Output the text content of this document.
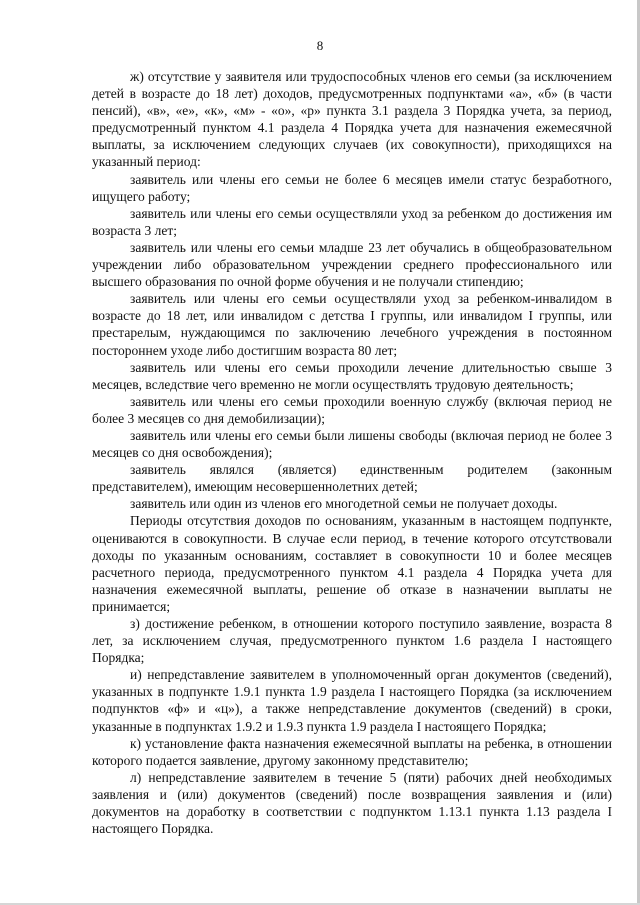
8

ж) отсутствие у заявителя или трудоспособных членов его семьи (за исключением детей в возрасте до 18 лет) доходов, предусмотренных подпунктами «а», «б» (в части пенсий), «в», «е», «к», «м» - «о», «р» пункта 3.1 раздела 3 Порядка учета, за период, предусмотренный пунктом 4.1 раздела 4 Порядка учета для назначения ежемесячной выплаты, за исключением следующих случаев (их совокупности), приходящихся на указанный период:

заявитель или члены его семьи не более 6 месяцев имели статус безработного, ищущего работу;

заявитель или члены его семьи осуществляли уход за ребенком до достижения им возраста 3 лет;

заявитель или члены его семьи младше 23 лет обучались в общеобразовательном учреждении либо образовательном учреждении среднего профессионального или высшего образования по очной форме обучения и не получали стипендию;

заявитель или члены его семьи осуществляли уход за ребенком-инвалидом в возрасте до 18 лет, или инвалидом с детства I группы, или инвалидом I группы, или престарелым, нуждающимся по заключению лечебного учреждения в постоянном постороннем уходе либо достигшим возраста 80 лет;

заявитель или члены его семьи проходили лечение длительностью свыше 3 месяцев, вследствие чего временно не могли осуществлять трудовую деятельность;

заявитель или члены его семьи проходили военную службу (включая период не более 3 месяцев со дня демобилизации);

заявитель или члены его семьи были лишены свободы (включая период не более 3 месяцев со дня освобождения);

заявитель являлся (является) единственным родителем (законным представителем), имеющим несовершеннолетних детей;

заявитель или один из членов его многодетной семьи не получает доходы.

Периоды отсутствия доходов по основаниям, указанным в настоящем подпункте, оцениваются в совокупности. В случае если период, в течение которого отсутствовали доходы по указанным основаниям, составляет в совокупности 10 и более месяцев расчетного периода, предусмотренного пунктом 4.1 раздела 4 Порядка учета для назначения ежемесячной выплаты, решение об отказе в назначении выплаты не принимается;

з) достижение ребенком, в отношении которого поступило заявление, возраста 8 лет, за исключением случая, предусмотренного пунктом 1.6 раздела I настоящего Порядка;

и) непредставление заявителем в уполномоченный орган документов (сведений), указанных в подпункте 1.9.1 пункта 1.9 раздела I настоящего Порядка (за исключением подпунктов «ф» и «ц»), а также непредставление документов (сведений) в сроки, указанные в подпунктах 1.9.2 и 1.9.3 пункта 1.9 раздела I настоящего Порядка;

к) установление факта назначения ежемесячной выплаты на ребенка, в отношении которого подается заявление, другому законному представителю;

л) непредставление заявителем в течение 5 (пяти) рабочих дней необходимых заявления и (или) документов (сведений) после возвращения заявления и (или) документов на доработку в соответствии с подпунктом 1.13.1 пункта 1.13 раздела I настоящего Порядка.
